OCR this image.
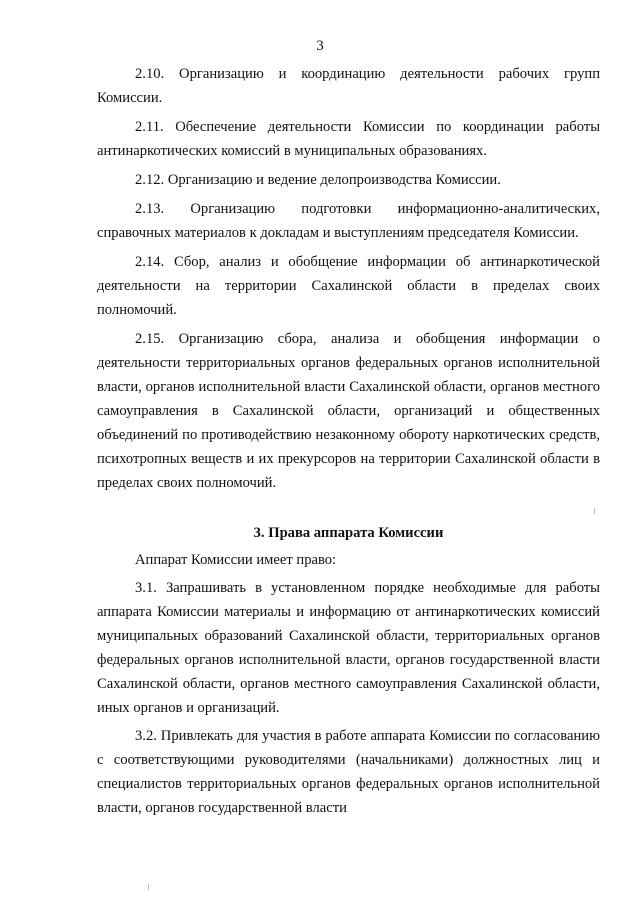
3

2.10. Организацию и координацию деятельности рабочих групп Комиссии.

2.11. Обеспечение деятельности Комиссии по координации работы антинаркотических комиссий в муниципальных образованиях.

2.12. Организацию и ведение делопроизводства Комиссии.

2.13. Организацию подготовки информационно-аналитических, справочных материалов к докладам и выступлениям председателя Комиссии.

2.14. Сбор, анализ и обобщение информации об антинаркотической деятельности на территории Сахалинской области в пределах своих полномочий.

2.15. Организацию сбора, анализа и обобщения информации о деятельности территориальных органов федеральных органов исполнительной власти, органов исполнительной власти Сахалинской области, органов местного самоуправления в Сахалинской области, организаций и общественных объединений по противодействию незаконному обороту наркотических средств, психотропных веществ и их прекурсоров на территории Сахалинской области в пределах своих полномочий.

3. Права аппарата Комиссии

Аппарат Комиссии имеет право:

3.1. Запрашивать в установленном порядке необходимые для работы аппарата Комиссии материалы и информацию от антинаркотических комиссий муниципальных образований Сахалинской области, территориальных органов федеральных органов исполнительной власти, органов государственной власти Сахалинской области, органов местного самоуправления Сахалинской области, иных органов и организаций.

3.2. Привлекать для участия в работе аппарата Комиссии по согласованию с соответствующими руководителями (начальниками) должностных лиц и специалистов территориальных органов федеральных органов исполнительной власти, органов государственной власти
